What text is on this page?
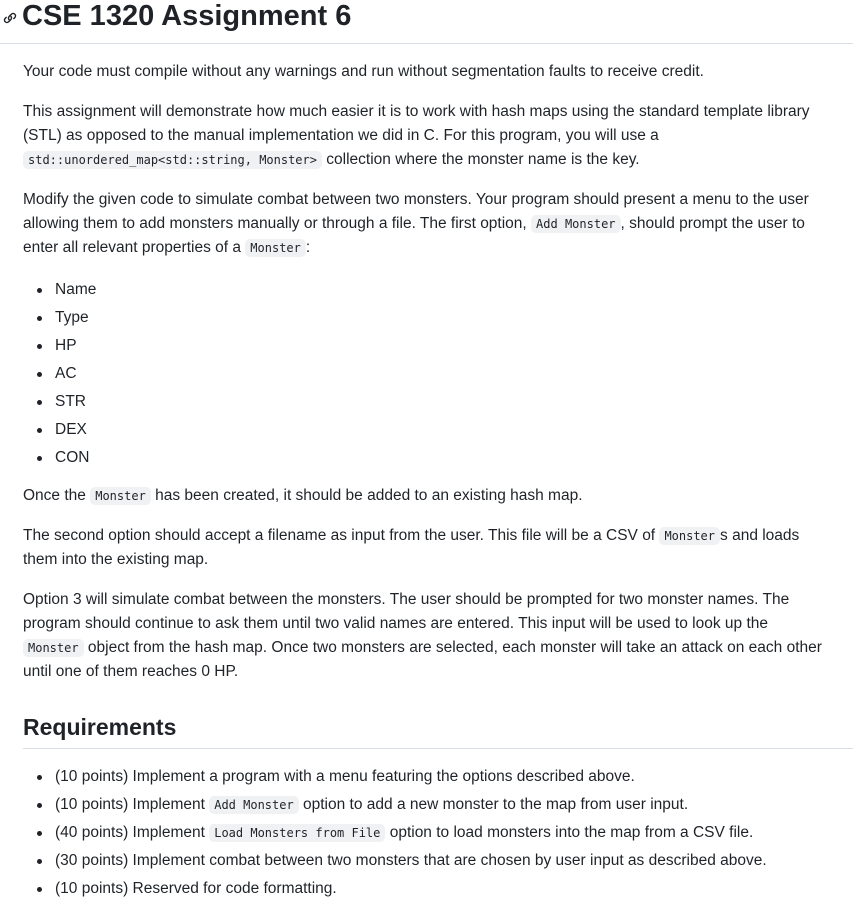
CSE 1320 Assignment 6

Your code must compile without any warnings and run without segmentation faults to receive credit.

This assignment will demonstrate how much easier it is to work with hash maps using the standard template library
(STL) as opposed to the manual implementation we did in C. For this program, you will use a
std::unordered_map<std::string, Monster> collection where the monster name is the key.

Modify the given code to simulate combat between two monsters. Your program should present a menu to the user
allowing them to add monsters manually or through a file. The first option, Add Monster , should prompt the user to
enter all relevant properties of a Monster :

Name
Type
HP
AC
STR
DEX
CON

Once the Monster has been created, it should be added to an existing hash map.

The second option should accept a filename as input from the user. This file will be a CSV of Monster s and loads
them into the existing map.

Option 3 will simulate combat between the monsters. The user should be prompted for two monster names. The
program should continue to ask them until two valid names are entered. This input will be used to look up the
Monster object from the hash map. Once two monsters are selected, each monster will take an attack on each other
until one of them reaches 0 HP.

Requirements
(10 points) Implement a program with a menu featuring the options described above.
(10 points) Implement Add Monster option to add a new monster to the map from user input.
(40 points) Implement Load Monsters from File option to load monsters into the map from a CSV file.
(30 points) Implement combat between two monsters that are chosen by user input as described above.
(10 points) Reserved for code formatting.
